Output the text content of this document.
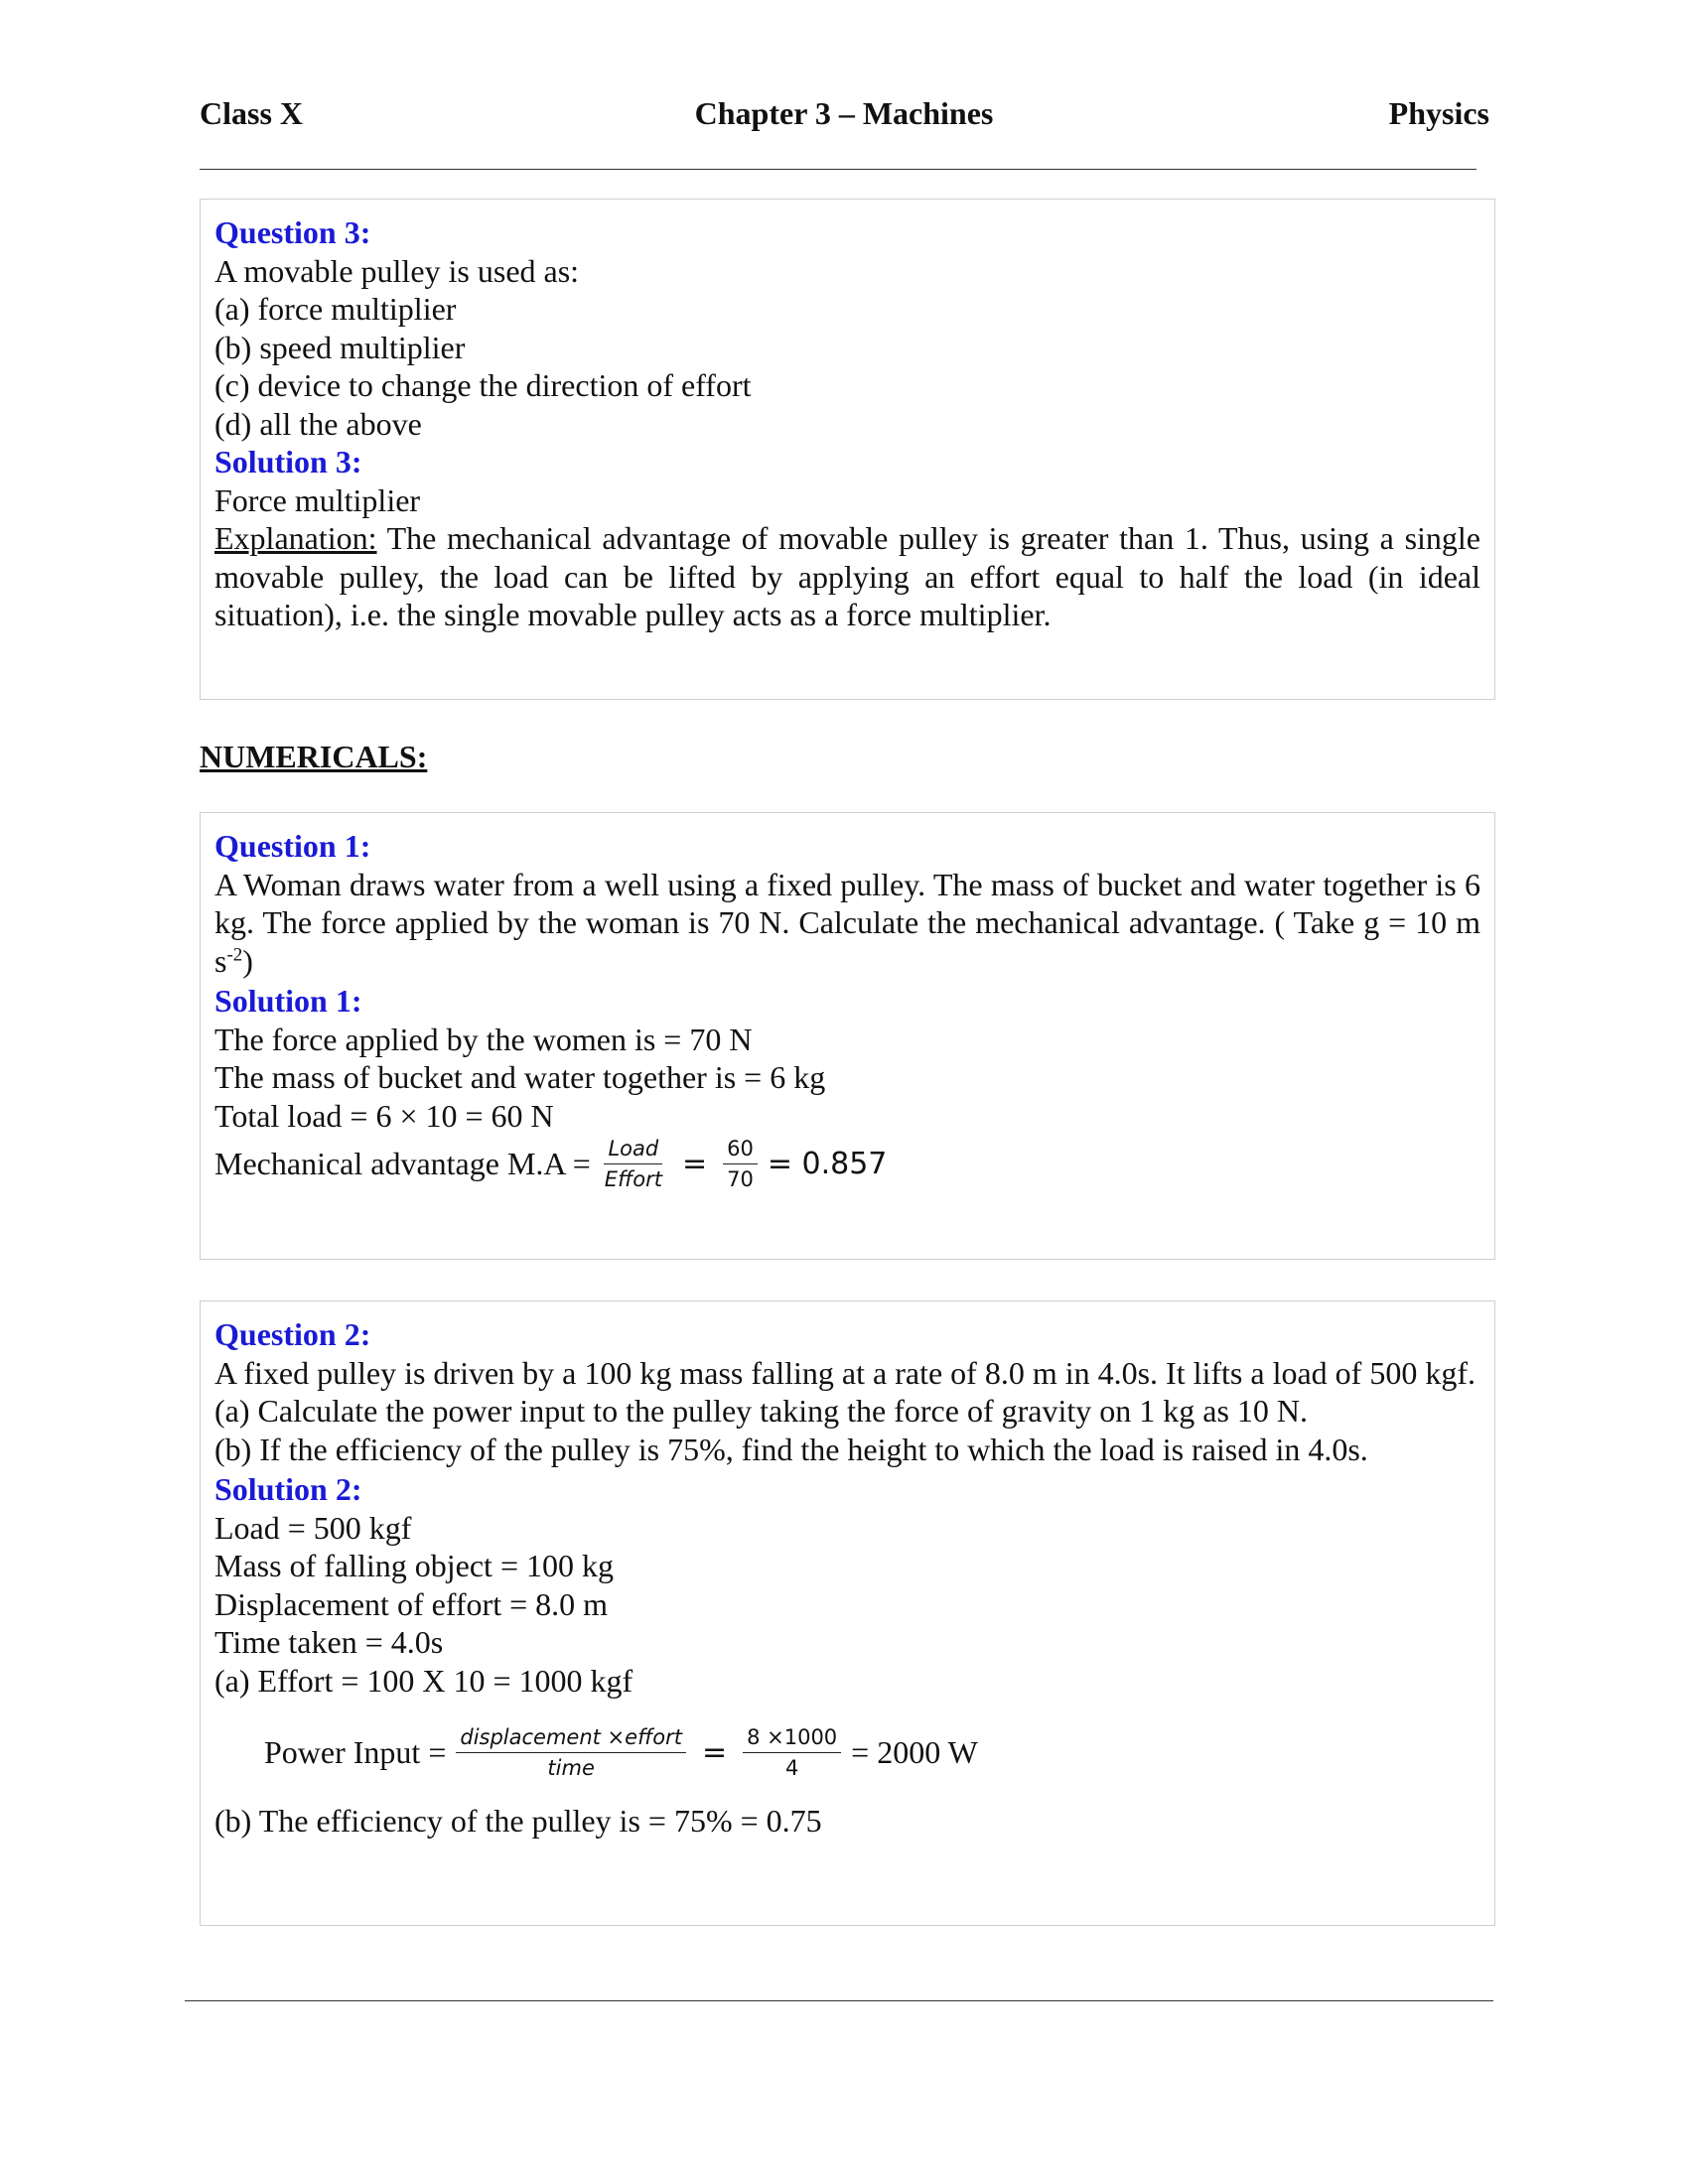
Class X	Chapter 3 – Machines	Physics
Question 3:
A movable pulley is used as:
(a) force multiplier
(b) speed multiplier
(c) device to change the direction of effort
(d) all the above
Solution 3:
Force multiplier
Explanation: The mechanical advantage of movable pulley is greater than 1. Thus, using a single movable pulley, the load can be lifted by applying an effort equal to half the load (in ideal situation), i.e. the single movable pulley acts as a force multiplier.
NUMERICALS:
Question 1:
A Woman draws water from a well using a fixed pulley. The mass of bucket and water together is 6 kg. The force applied by the woman is 70 N. Calculate the mechanical advantage. ( Take g = 10 m $s^{-2}$)
Solution 1:
The force applied by the women is = 70 N
The mass of bucket and water together is = 6 kg
Total load = 6 × 10 = 60 N
Mechanical advantage $M.A = \frac{\text{Load}}{\text{Effort}} = \frac{60}{70} = 0.857$
Question 2:
A fixed pulley is driven by a 100 kg mass falling at a rate of 8.0 m in 4.0s. It lifts a load of 500 kgf.
(a) Calculate the power input to the pulley taking the force of gravity on 1 kg as 10 N.
(b) If the efficiency of the pulley is 75%, find the height to which the load is raised in 4.0s.
Solution 2:
Load = 500 kgf
Mass of falling object = 100 kg
Displacement of effort = 8.0 m
Time taken = 4.0s
(a) Effort = 100 X 10 = 1000 kgf
Power Input = $\frac{\text{displacement ×effort}}{\text{time}} = \frac{8 \times 1000}{4} = 2000$ W
(b) The efficiency of the pulley is = 75% = 0.75
